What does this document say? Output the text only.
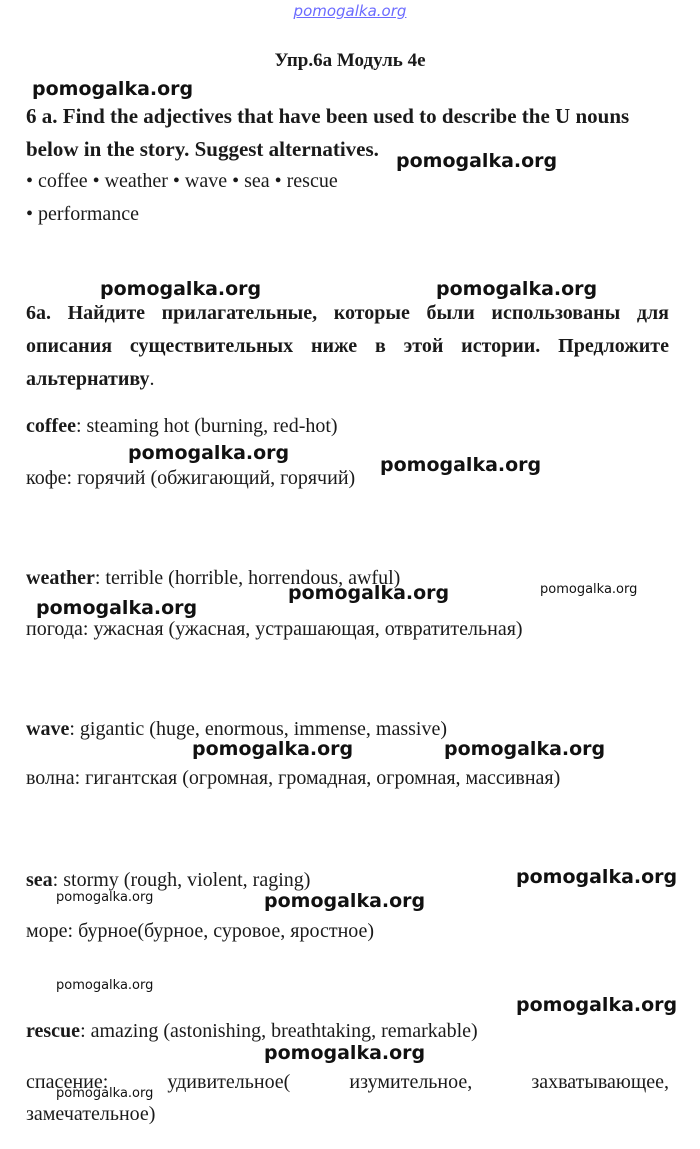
pomogalka.org
Упр.6а Модуль 4е
6 a. Find the adjectives that have been used to describe the U nouns below in the story. Suggest alternatives.
• coffee • weather • wave • sea • rescue
• performance
6а. Найдите прилагательные, которые были использованы для описания существительных ниже в этой истории. Предложите альтернативу.
coffee: steaming hot (burning, red-hot)
кофе: горячий (обжигающий, горячий)
weather: terrible (horrible, horrendous, awful)
погода: ужасная (ужасная, устрашающая, отвратительная)
wave: gigantic (huge, enormous, immense, massive)
волна: гигантская (огромная, громадная, огромная, массивная)
sea: stormy (rough, violent, raging)
море: бурное(бурное, суровое, яростное)
rescue: amazing (astonishing, breathtaking, remarkable)
спасение:	удивительное(	изумительное,	захватывающее,
замечательное)
pomogalka.org
pomogalka.org
pomogalka.org	pomogalka.org
pomogalka.org
pomogalka.org
pomogalka.org	pomogalka.org
pomogalka.org
pomogalka.org	pomogalka.org
pomogalka.org
pomogalka.org	pomogalka.org
pomogalka.org
pomogalka.org
pomogalka.org
pomogalka.org
